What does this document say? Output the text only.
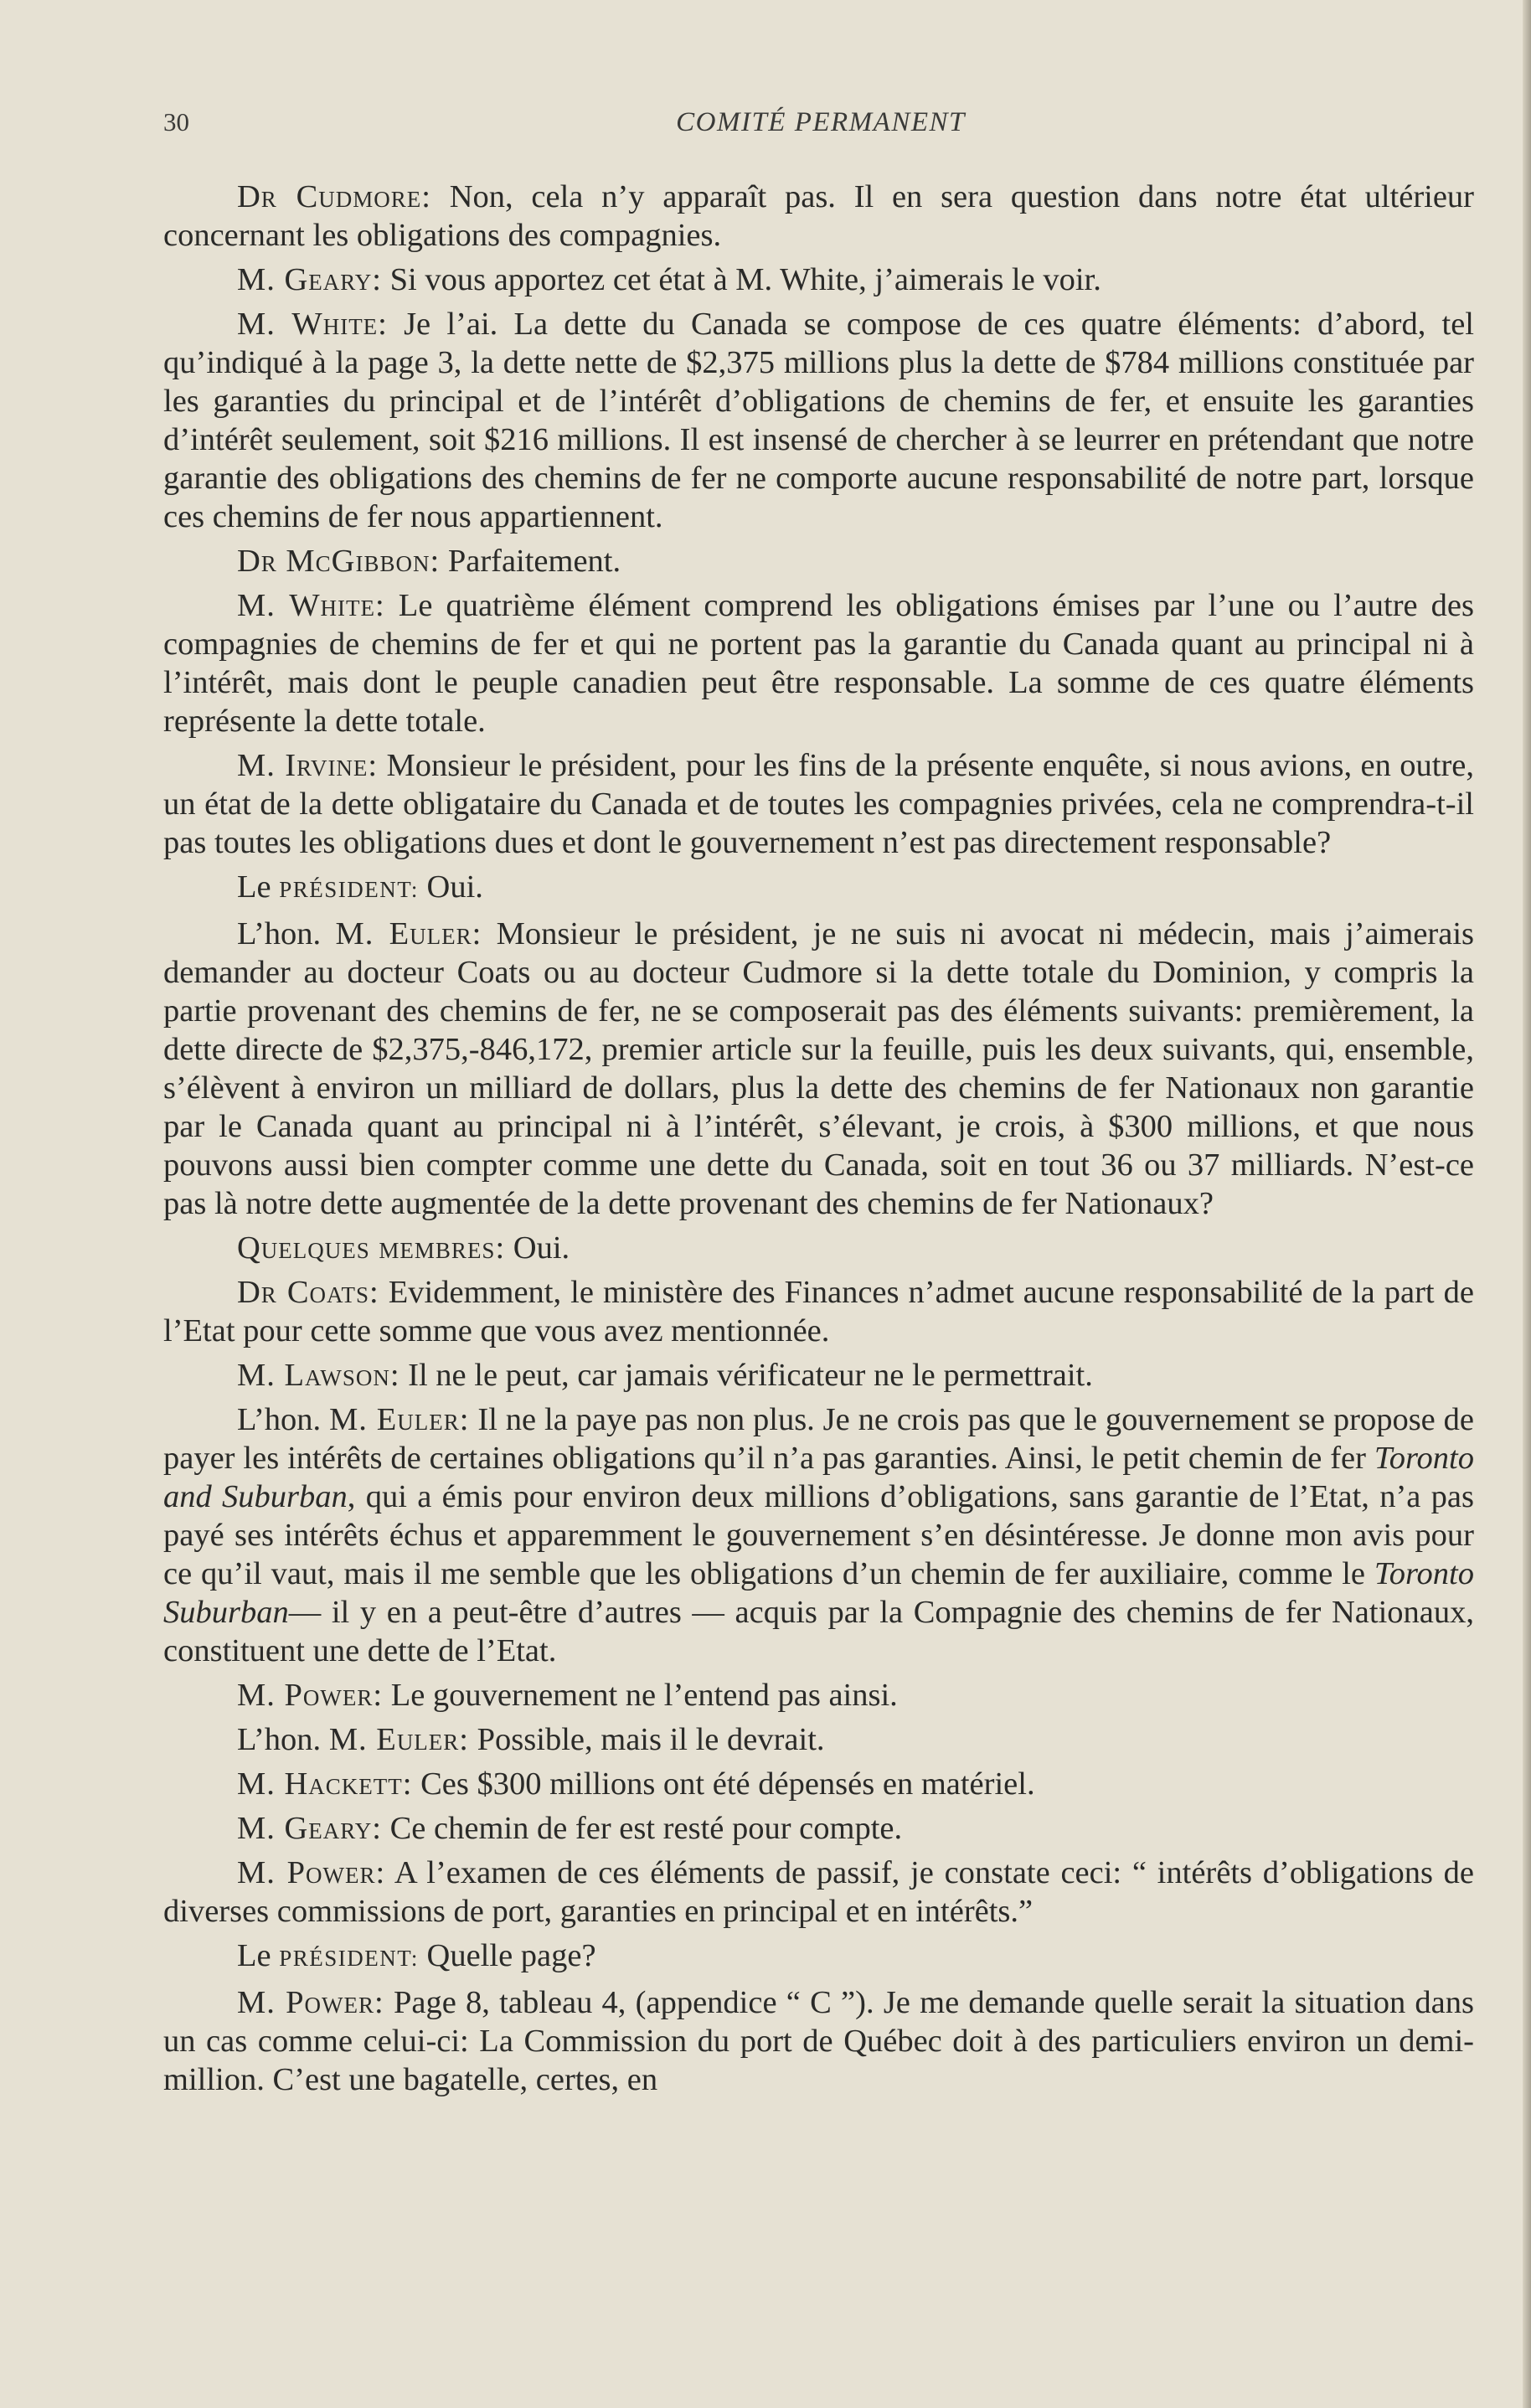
30	COMITÉ PERMANENT

Dr Cudmore: Non, cela n’y apparaît pas. Il en sera question dans notre état ultérieur concernant les obligations des compagnies.

M. Geary: Si vous apportez cet état à M. White, j’aimerais le voir.

M. White: Je l’ai. La dette du Canada se compose de ces quatre éléments: d’abord, tel qu’indiqué à la page 3, la dette nette de $2,375 millions plus la dette de $784 millions constituée par les garanties du principal et de l’intérêt d’obligations de chemins de fer, et ensuite les garanties d’intérêt seulement, soit $216 millions. Il est insensé de chercher à se leurrer en prétendant que notre garantie des obligations des chemins de fer ne comporte aucune responsabilité de notre part, lorsque ces chemins de fer nous appartiennent.

Dr McGibbon: Parfaitement.

M. White: Le quatrième élément comprend les obligations émises par l’une ou l’autre des compagnies de chemins de fer et qui ne portent pas la garantie du Canada quant au principal ni à l’intérêt, mais dont le peuple canadien peut être responsable. La somme de ces quatre éléments représente la dette totale.

M. Irvine: Monsieur le président, pour les fins de la présente enquête, si nous avions, en outre, un état de la dette obligataire du Canada et de toutes les compagnies privées, cela ne comprendra-t-il pas toutes les obligations dues et dont le gouvernement n’est pas directement responsable?

Le PRÉSIDENT: Oui.

L’hon. M. Euler: Monsieur le président, je ne suis ni avocat ni médecin, mais j’aimerais demander au docteur Coats ou au docteur Cudmore si la dette totale du Dominion, y compris la partie provenant des chemins de fer, ne se composerait pas des éléments suivants: premièrement, la dette directe de $2,375,-846,172, premier article sur la feuille, puis les deux suivants, qui, ensemble, s’élèvent à environ un milliard de dollars, plus la dette des chemins de fer Nationaux non garantie par le Canada quant au principal ni à l’intérêt, s’élevant, je crois, à $300 millions, et que nous pouvons aussi bien compter comme une dette du Canada, soit en tout 36 ou 37 milliards. N’est-ce pas là notre dette augmentée de la dette provenant des chemins de fer Nationaux?

Quelques membres: Oui.

Dr Coats: Evidemment, le ministère des Finances n’admet aucune responsabilité de la part de l’Etat pour cette somme que vous avez mentionnée.

M. Lawson: Il ne le peut, car jamais vérificateur ne le permettrait.

L’hon. M. Euler: Il ne la paye pas non plus. Je ne crois pas que le gouvernement se propose de payer les intérêts de certaines obligations qu’il n’a pas garanties. Ainsi, le petit chemin de fer Toronto and Suburban, qui a émis pour environ deux millions d’obligations, sans garantie de l’Etat, n’a pas payé ses intérêts échus et apparemment le gouvernement s’en désintéresse. Je donne mon avis pour ce qu’il vaut, mais il me semble que les obligations d’un chemin de fer auxiliaire, comme le Toronto Suburban— il y en a peut-être d’autres — acquis par la Compagnie des chemins de fer Nationaux, constituent une dette de l’Etat.

M. Power: Le gouvernement ne l’entend pas ainsi.

L’hon. M. Euler: Possible, mais il le devrait.

M. Hackett: Ces $300 millions ont été dépensés en matériel.

M. Geary: Ce chemin de fer est resté pour compte.

M. Power: A l’examen de ces éléments de passif, je constate ceci: “ intérêts d’obligations de diverses commissions de port, garanties en principal et en intérêts.”

Le PRÉSIDENT: Quelle page?

M. Power: Page 8, tableau 4, (appendice “ C ”). Je me demande quelle serait la situation dans un cas comme celui-ci: La Commission du port de Québec doit à des particuliers environ un demi-million. C’est une bagatelle, certes, en
